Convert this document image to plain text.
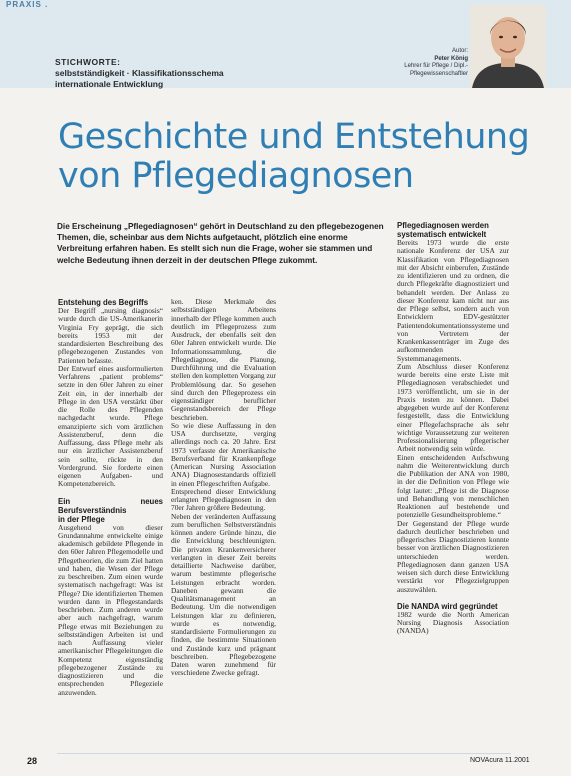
PRAXIS .
STICHWORTE:
selbstständigkeit · Klassifikationsschema
internationale Entwicklung
Autor:
Peter König
Lehrer für Pflege / Dipl.-
Pflegewissenschaftler
Geschichte und Entstehung
von Pflegediagnosen
Die Erscheinung „Pflegediagnosen“ gehört in Deutschland zu den pflegebezogenen Themen, die, scheinbar aus dem Nichts aufgetaucht, plötzlich eine enorme Verbreitung erfahren haben. Es stellt sich nun die Frage, woher sie stammen und welche Bedeutung ihnen derzeit in der deutschen Pflege zukommt.

Entstehung des Begriffs

Der Begriff „nursing diagnosis“ wurde durch die US-Amerikanerin Virginia Fry geprägt, die sich bereits 1953 mit der standardisierten Beschreibung des pflegebezogenen Zustandes von Patienten befasste.

Der Entwurf eines ausformulierten Verfahrens „patient problems“ setzte in den 60er Jahren zu einer Zeit ein, in der innerhalb der Pflege in den USA verstärkt über die Rolle des Pflegenden nachgedacht wurde. Pflege emanzipierte sich vom ärztlichen Assistenzberuf, denn die Auffassung, dass Pflege mehr als nur ein ärztlicher Assistenzberuf sein sollte, rückte in den Vordergrund. Sie forderte einen eigenen Aufgaben- und Kompetenzbereich.

Ein neues Berufsverständnis

in der Pflege

Ausgehend von dieser Grundannahme entwickelte einige akademisch gebildete Pflegende in den 60er Jahren Pflegemodelle und Pflegetheorien, die zum Ziel hatten und haben, die Wesen der Pflege zu beschreiben. Zum einen wurde systematisch nachgefragt: Was ist Pflege? Die identifizierten Themen wurden dann in Pflegestandards beschrieben. Zum anderen wurde aber auch nachgefragt, warum Pflege etwas mit Beziehungen zu selbstständigen Arbeiten ist und nach Auffassung vieler amerikanischer Pflegeleitungen die Kompetenz eigenständig pflegebezogener Zustände zu diagnostizieren und die entsprechenden Pflegeziele anzuwenden.

ken. Diese Merkmale des selbstständigen Arbeitens innerhalb der Pflege kommen auch deutlich im Pflegeprozess zum Ausdruck, der ebenfalls seit den 60er Jahren entwickelt wurde. Die Informationssammlung, die Pflegediagnose, die Planung, Durchführung und die Evaluation stellen den kompletten Vorgang zur Problemlösung dar. So gesehen sind durch den Pflegeprozess ein eigenständiger beruflicher Gegenstandsbereich der Pflege beschrieben.

So wie diese Auffassung in den USA durchsetzte, verging allerdings noch ca. 20 Jahre. Erst 1973 verfasste der Amerikanische Berufsverband für Krankenpflege (American Nursing Association ANA) Diagnosestandards offiziell in einen Pflegeschriften Aufgabe.

Entsprechend dieser Entwicklung erlangten Pflegediagnosen in den 70er Jahren größere Bedeutung.

Neben der veränderten Auffassung zum beruflichen Selbstverständnis können andere Gründe hinzu, die die Entwicklung beschleunigten. Die privaten Krankenversicherer verlangten in dieser Zeit bereits detaillierte Nachweise darüber, warum bestimmte pflegerische Leistungen erbracht worden. Daneben gewann die Qualitätsmanagement an Bedeutung. Um die notwendigen Leistungen klar zu definieren, wurde es notwendig, standardisierte Formulierungen zu finden, die bestimmte Situationen und Zustände kurz und prägnant beschreiben. Pflegebezogene Daten waren zunehmend für verschiedene Zwecke gefragt.

Pflegediagnosen werden

systematisch entwickelt

Bereits 1973 wurde die erste nationale Konferenz der USA zur Klassifikation von Pflegediagnosen mit der Absicht einberufen, Zustände zu identifizieren und zu ordnen, die durch Pflegekräfte diagnostiziert und behandelt werden. Der Anlass zu dieser Konferenz kam nicht nur aus der Pflege selbst, sondern auch von Entwicklern EDV-gestützter Patientendokumentationssysteme und von Vertretern der Krankenkassenträger im Zuge des aufkommenden Systemmanagements.

Zum Abschluss dieser Konferenz wurde bereits eine erste Liste mit Pflegediagnosen verabschiedet und 1973 veröffentlicht, um sie in der Praxis testen zu können. Dabei abgegeben wurde auf der Konferenz festgestellt, dass die Entwicklung einer Pflegefachsprache als sehr wichtige Voraussetzung zur weiteren Professionalisierung pflegerischer Arbeit notwendig sein würde.

Einen entscheidenden Aufschwung nahm die Weiterentwicklung durch die Publikation der ANA von 1980, in der die Definition von Pflege wie folgt lautet: „Pflege ist die Diagnose und Behandlung von menschlichen Reaktionen auf bestehende und potenzielle Gesundheitsprobleme.“

Der Gegenstand der Pflege wurde dadurch deutlicher beschrieben und pflegerisches Diagnostizieren konnte besser von ärztlichen Diagnostizieren unterschieden werden. Pflegediagnosen dann ganzen USA weisen sich durch diese Entwicklung verstärkt vor Pflegezielgruppen auszuwählen.

Die NANDA wird gegründet

1982 wurde die North American Nursing Diagnosis Association (NANDA)

28	NOVAcura 11.2001
